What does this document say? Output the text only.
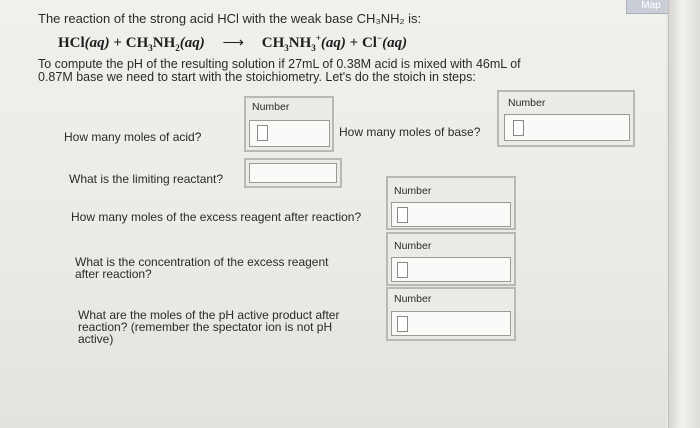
The reaction of the strong acid HCl with the weak base CH₃NH₂ is:
$HCl(aq) + CH_3NH_2(aq)$ ⟶ $CH_3NH_3^+(aq) + Cl^-(aq)$
To compute the pH of the resulting solution if 27mL of 0.38M acid is mixed with 46mL of 0.87M base we need to start with the stoichiometry. Let's do the stoich in steps:
How many moles of acid?
Number
How many moles of base?
Number
What is the limiting reactant?
How many moles of the excess reagent after reaction?
Number
What is the concentration of the excess reagent after reaction?
Number
What are the moles of the pH active product after reaction? (remember the spectator ion is not pH active)
Number
Map
